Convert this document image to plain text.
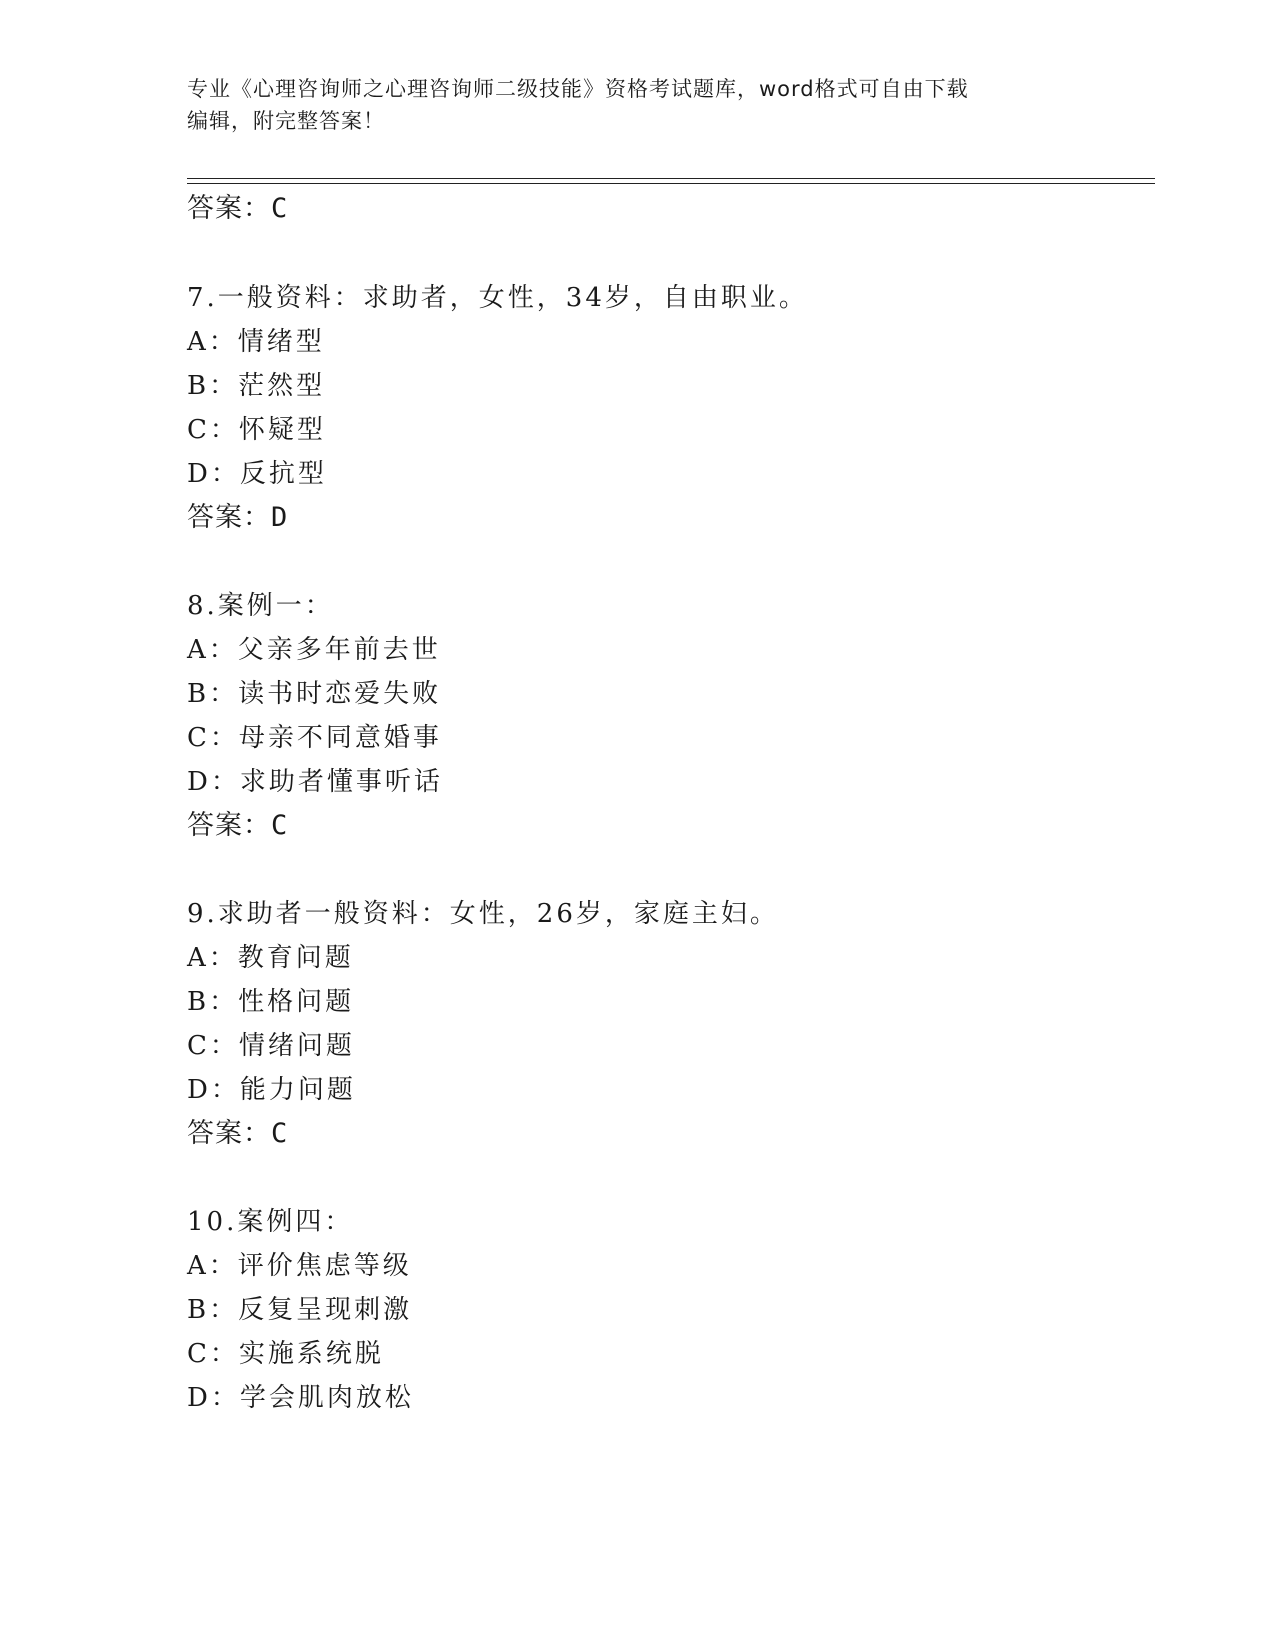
专业《心理咨询师之心理咨询师二级技能》资格考试题库，word格式可自由下载
编辑，附完整答案！
答案：C
7.一般资料：求助者，女性，34岁，自由职业。
A：情绪型
B：茫然型
C：怀疑型
D：反抗型
答案：D
8.案例一：
A：父亲多年前去世
B：读书时恋爱失败
C：母亲不同意婚事
D：求助者懂事听话
答案：C
9.求助者一般资料：女性，26岁，家庭主妇。
A：教育问题
B：性格问题
C：情绪问题
D：能力问题
答案：C
10.案例四：
A：评价焦虑等级
B：反复呈现刺激
C：实施系统脱
D：学会肌肉放松
